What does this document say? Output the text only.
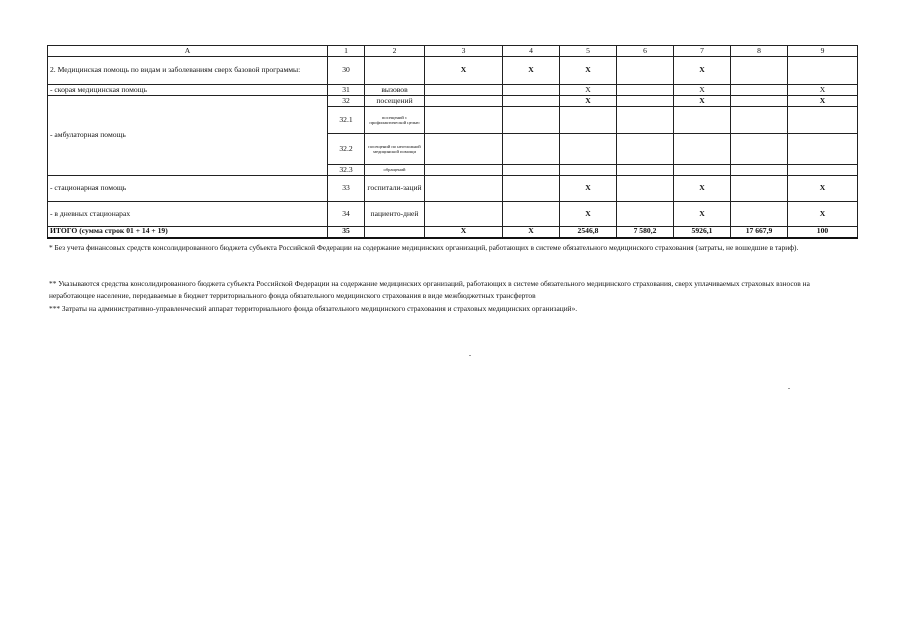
А	1	2	3	4	5	6	7	8	9
2. Медицинская помощь по видам и заболеваниям сверх базовой программы:	30		X	X	X		X		
- скорая медицинская помощь	31	вызовов			X		X		X
- амбулаторная помощь	32	посещений			X		X		X
	32.1	посещений с профилактической целью							
	32.2	посещений по неотложной медицинской помощи							
	32.3	обращений							
- стационарная помощь	33	госпитали-заций			X		X		X
- в дневных стационарах	34	пациенто-дней			X		X		X
ИТОГО (сумма строк 01 + 14 + 19)	35		X	X	2546,8	7 580,2	5926,1	17 667,9	100
* Без учета финансовых средств консолидированного бюджета субъекта Российской Федерации на содержание медицинских организаций, работающих в системе обязательного медицинского страхования (затраты, не вошедшие в тариф).
** Указываются средства консолидированного бюджета субъекта Российской Федерации на содержание медицинских организаций, работающих в системе обязательного медицинского страхования, сверх уплачиваемых страховых взносов на неработающее население, передаваемые в бюджет территориального фонда обязательного медицинского страхования в виде межбюджетных трансфертов
*** Затраты на административно-управленческий аппарат территориального фонда обязательного медицинского страхования и страховых медицинских организаций».
